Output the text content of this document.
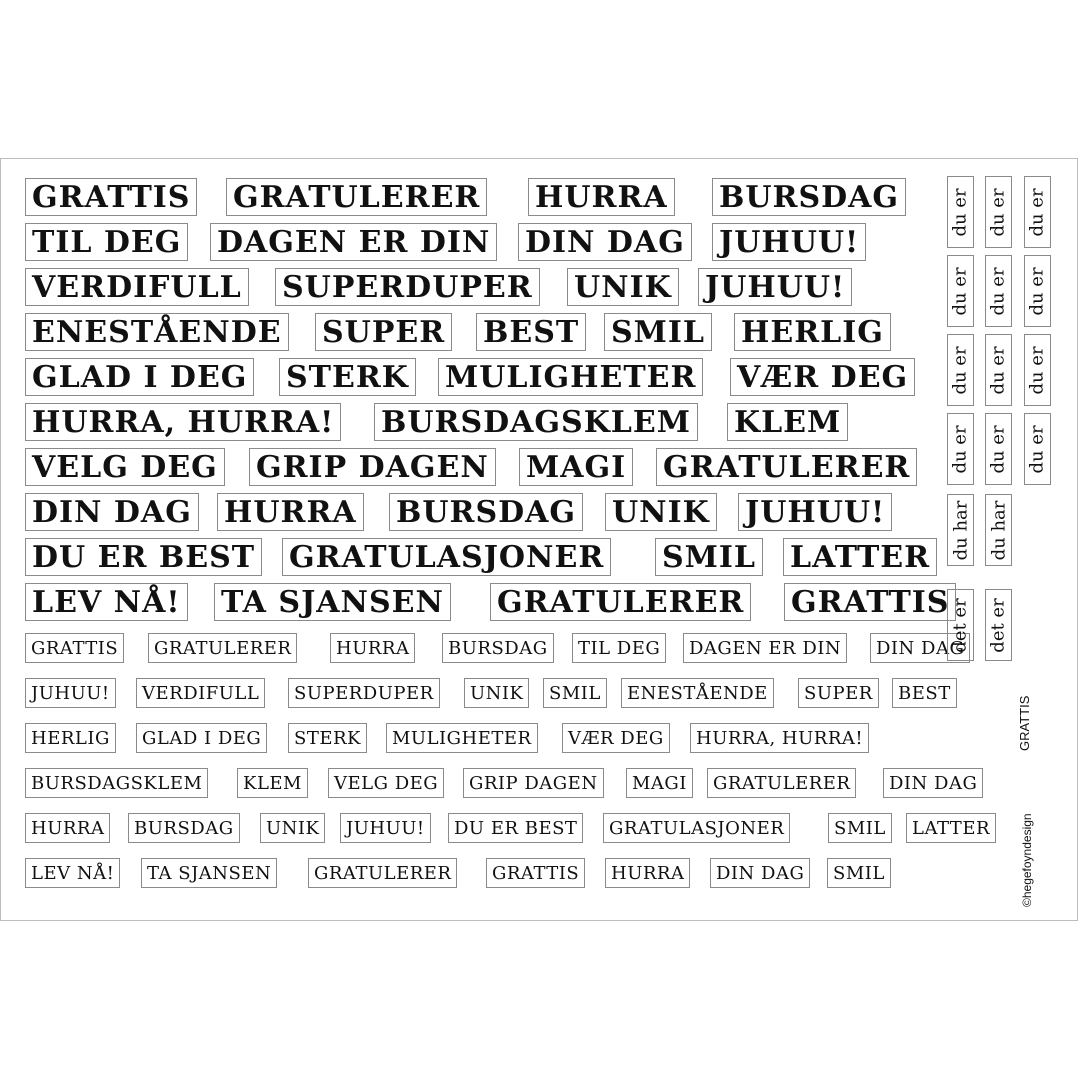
GRATTIS GRATULERER HURRA BURSDAG
TIL DEG DAGEN ER DIN DIN DAG JUHUU!
VERDIFULL SUPERDUPER UNIK JUHUU!
ENESTÅENDE SUPER BEST SMIL HERLIG
GLAD I DEG STERK MULIGHETER VÆR DEG
HURRA, HURRA! BURSDAGSKLEM KLEM
VELG DEG GRIP DAGEN MAGI GRATULERER
DIN DAG HURRA BURSDAG UNIK JUHUU!
DU ER BEST GRATULASJONER SMIL LATTER
LEV NÅ! TA SJANSEN GRATULERER GRATTIS
GRATTIS	GRATULERER	HURRA	BURSDAG	TIL DEG	DAGEN ER DIN	DIN DAG
JUHUU!	VERDIFULL	SUPERDUPER	UNIK	SMIL	ENESTÅENDE	SUPER	BEST
HERLIG	GLAD I DEG	STERK	MULIGHETER	VÆR DEG	HURRA, HURRA!
BURSDAGSKLEM	KLEM	VELG DEG	GRIP DAGEN	MAGI	GRATULERER	DIN DAG
HURRA	BURSDAG	UNIK	JUHUU!	DU ER BEST	GRATULASJONER	SMIL	LATTER
LEV NÅ!	TA SJANSEN	GRATULERER	GRATTIS	HURRA	DIN DAG	SMIL
du er du er du er
du er du er du er
du er du er du er
du er du er du er
du har du har
det er det er
GRATTIS
©hegefoyndesign
